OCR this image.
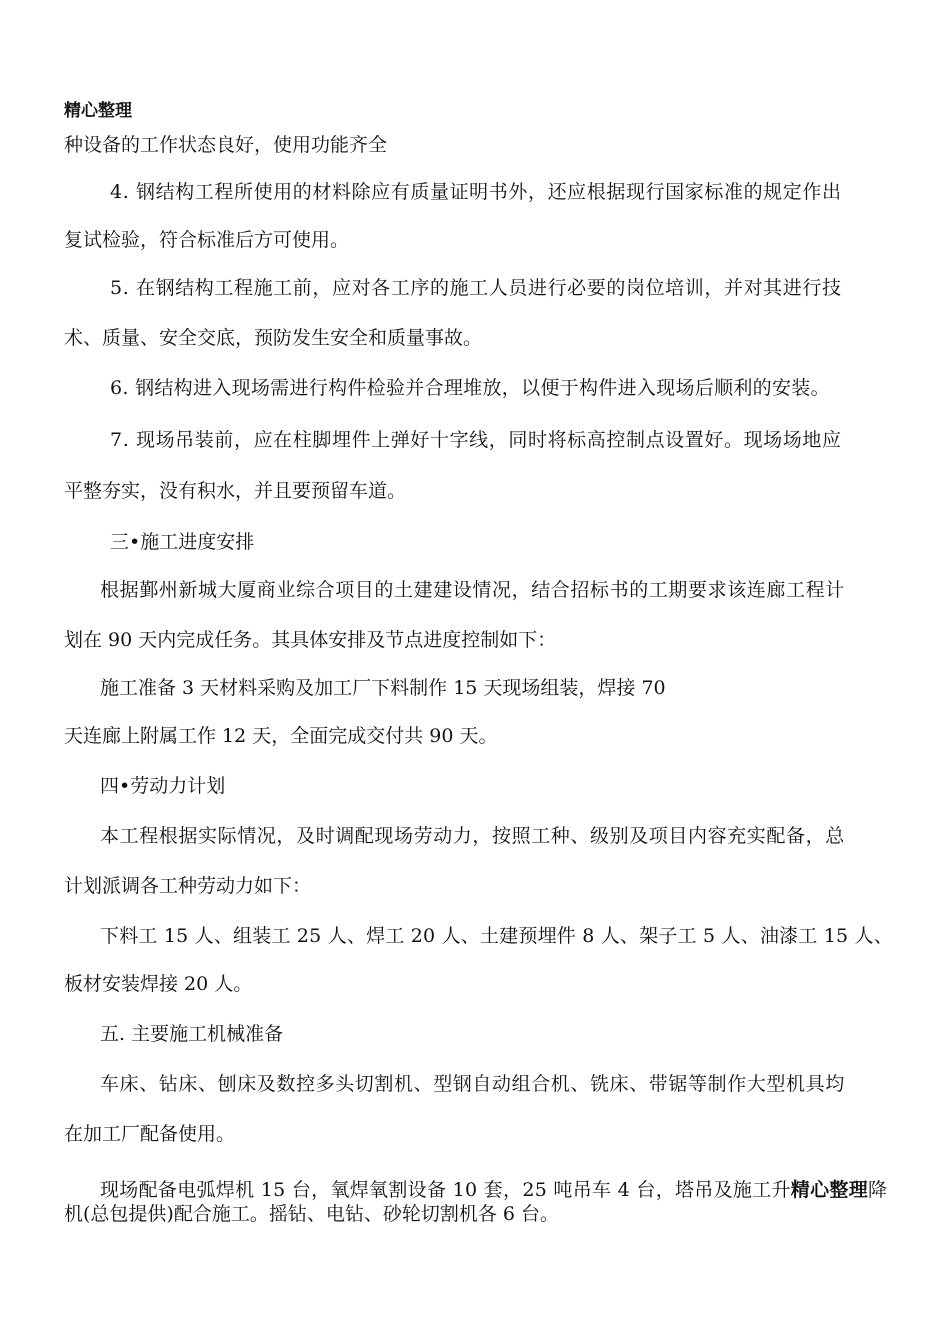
精心整理
种设备的工作状态良好，使用功能齐全
4. 钢结构工程所使用的材料除应有质量证明书外，还应根据现行国家标准的规定作出
复试检验，符合标准后方可使用。
5. 在钢结构工程施工前，应对各工序的施工人员进行必要的岗位培训，并对其进行技
术、质量、安全交底，预防发生安全和质量事故。
6. 钢结构进入现场需进行构件检验并合理堆放，以便于构件进入现场后顺利的安装。
7. 现场吊装前，应在柱脚埋件上弹好十字线，同时将标高控制点设置好。现场场地应
平整夯实，没有积水，并且要预留车道。
三•施工进度安排
根据鄞州新城大厦商业综合项目的土建建设情况，结合招标书的工期要求该连廊工程计
划在 90 天内完成任务。其具体安排及节点进度控制如下：
施工准备 3 天材料采购及加工厂下料制作 15 天现场组装，焊接 70
天连廊上附属工作 12 天，全面完成交付共 90 天。
四•劳动力计划
本工程根据实际情况，及时调配现场劳动力，按照工种、级别及项目内容充实配备，总
计划派调各工种劳动力如下：
下料工 15 人、组装工 25 人、焊工 20 人、土建预埋件 8 人、架子工 5 人、油漆工 15 人、
板材安装焊接 20 人。
五. 主要施工机械准备
车床、钻床、刨床及数控多头切割机、型钢自动组合机、铣床、带锯等制作大型机具均
在加工厂配备使用。
现场配备电弧焊机 15 台，氧焊氧割设备 10 套，25 吨吊车 4 台，塔吊及施工升精心整理降
机(总包提供)配合施工。摇钻、电钻、砂轮切割机各 6 台。
